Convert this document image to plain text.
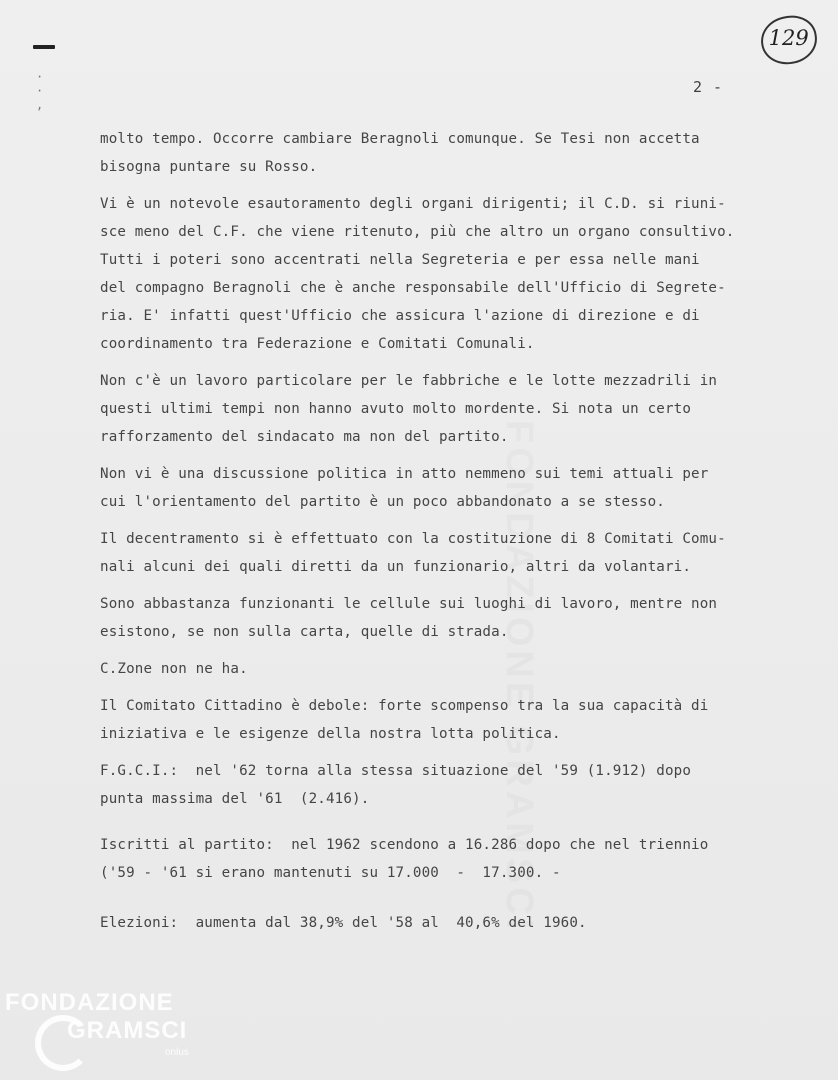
·
·
,
129
2 -
FONDAZIONE GRAMSCI
molto tempo. Occorre cambiare Beragnoli comunque. Se Tesi non accetta
bisogna puntare su Rosso.
Vi è un notevole esautoramento degli organi dirigenti; il C.D. si riuni-
sce meno del C.F. che viene ritenuto, più che altro un organo consultivo.
Tutti i poteri sono accentrati nella Segreteria e per essa nelle mani
del compagno Beragnoli che è anche responsabile dell'Ufficio di Segrete-
ria. E' infatti quest'Ufficio che assicura l'azione di direzione e di
coordinamento tra Federazione e Comitati Comunali.
Non c'è un lavoro particolare per le fabbriche e le lotte mezzadrili in
questi ultimi tempi non hanno avuto molto mordente. Si nota un certo
rafforzamento del sindacato ma non del partito.
Non vi è una discussione politica in atto nemmeno sui temi attuali per
cui l'orientamento del partito è un poco abbandonato a se stesso.
Il decentramento si è effettuato con la costituzione di 8 Comitati Comu-
nali alcuni dei quali diretti da un funzionario, altri da volantari.
Sono abbastanza funzionanti le cellule sui luoghi di lavoro, mentre non
esistono, se non sulla carta, quelle di strada.
C.Zone non ne ha.
Il Comitato Cittadino è debole: forte scompenso tra la sua capacità di
iniziativa e le esigenze della nostra lotta politica.
F.G.C.I.:  nel '62 torna alla stessa situazione del '59 (1.912) dopo
punta massima del '61  (2.416).
Iscritti al partito:  nel 1962 scendono a 16.286 dopo che nel triennio
('59 - '61 si erano mantenuti su 17.000  -  17.300. -
Elezioni:  aumenta dal 38,9% del '58 al  40,6% del 1960.
FONDAZIONE
GRAMSCI
onlus
